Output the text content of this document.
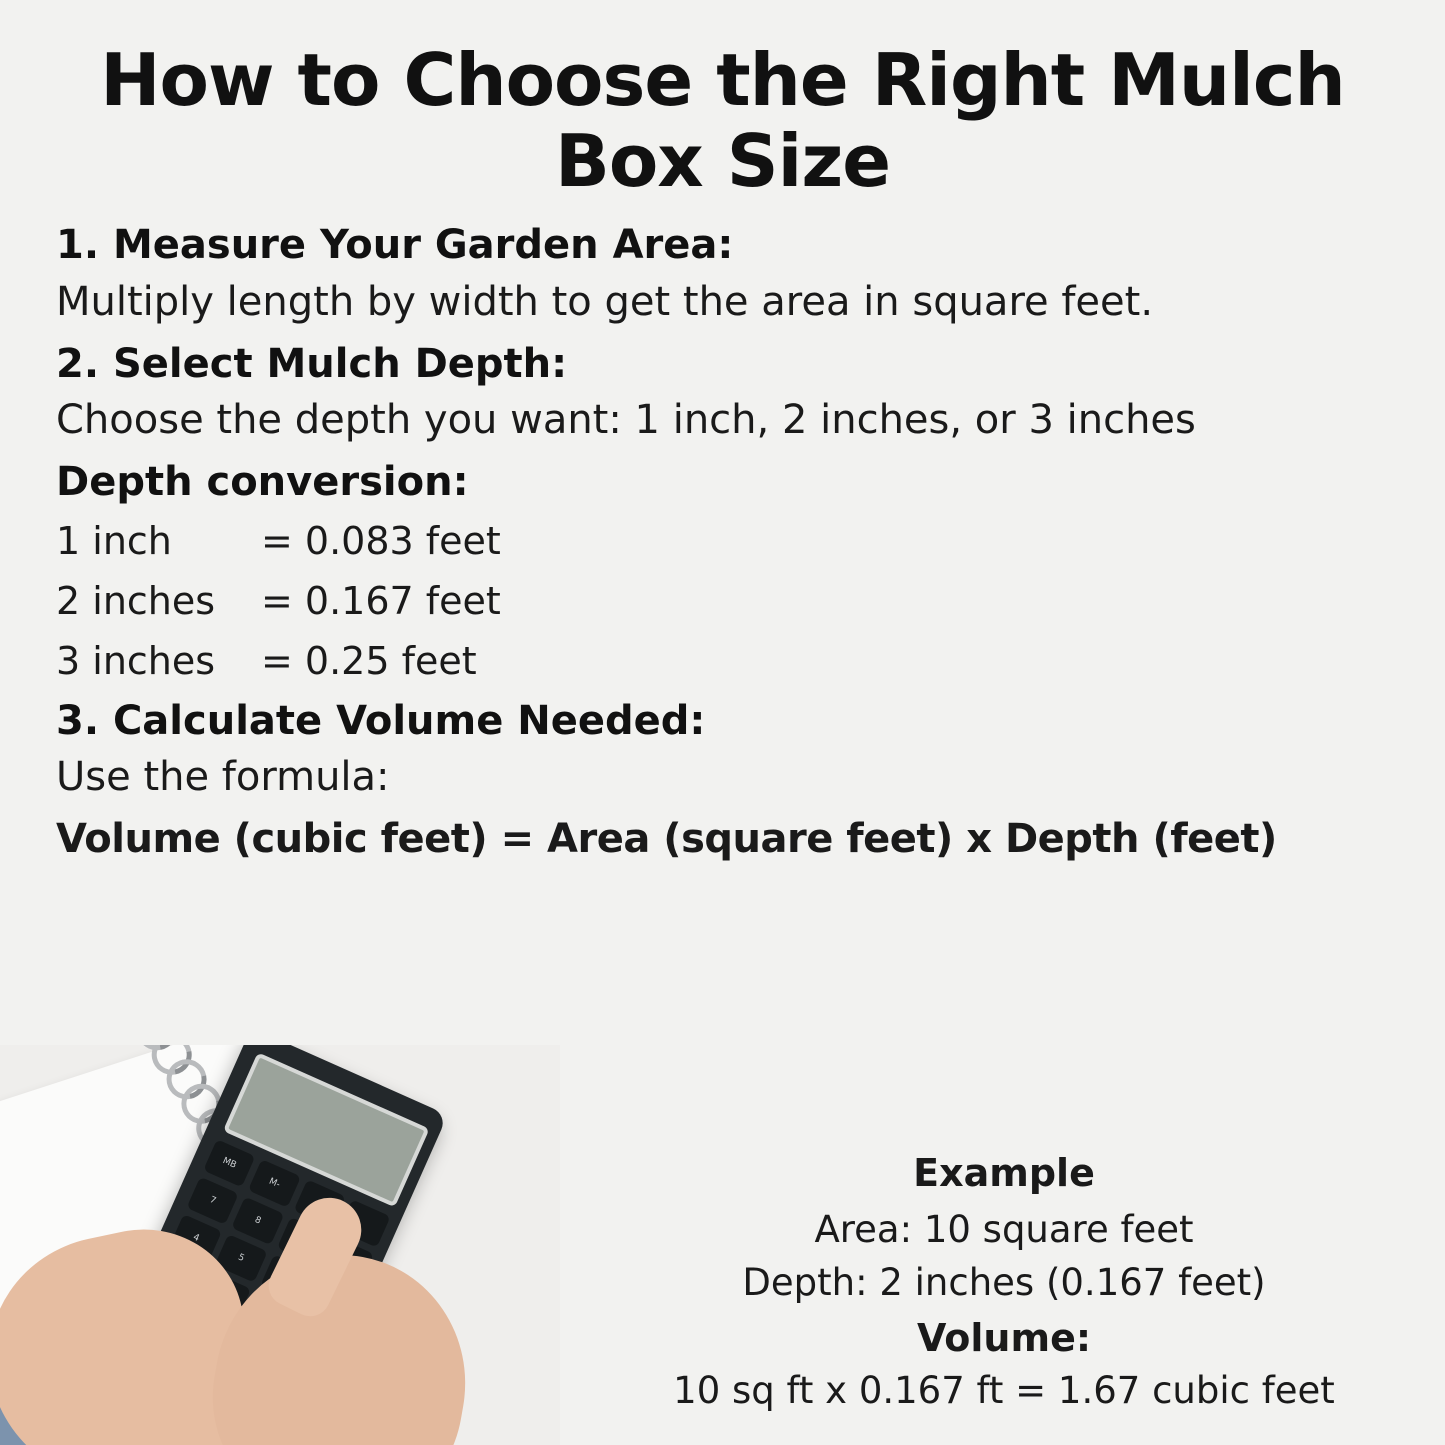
How to Choose the Right Mulch Box Size
1. Measure Your Garden Area:
Multiply length by width to get the area in square feet.
2. Select Mulch Depth:
Choose the depth you want: 1 inch, 2 inches, or 3 inches
Depth conversion:
1 inch	= 0.083 feet
2 inches	= 0.167 feet
3 inches	= 0.25 feet
3. Calculate Volume Needed:
Use the formula:
Volume (cubic feet) = Area (square feet) x Depth (feet)
MB
M-
7
8
4
5
Example
Area: 10 square feet
Depth: 2 inches (0.167 feet)
Volume:
10 sq ft x 0.167 ft = 1.67 cubic feet
